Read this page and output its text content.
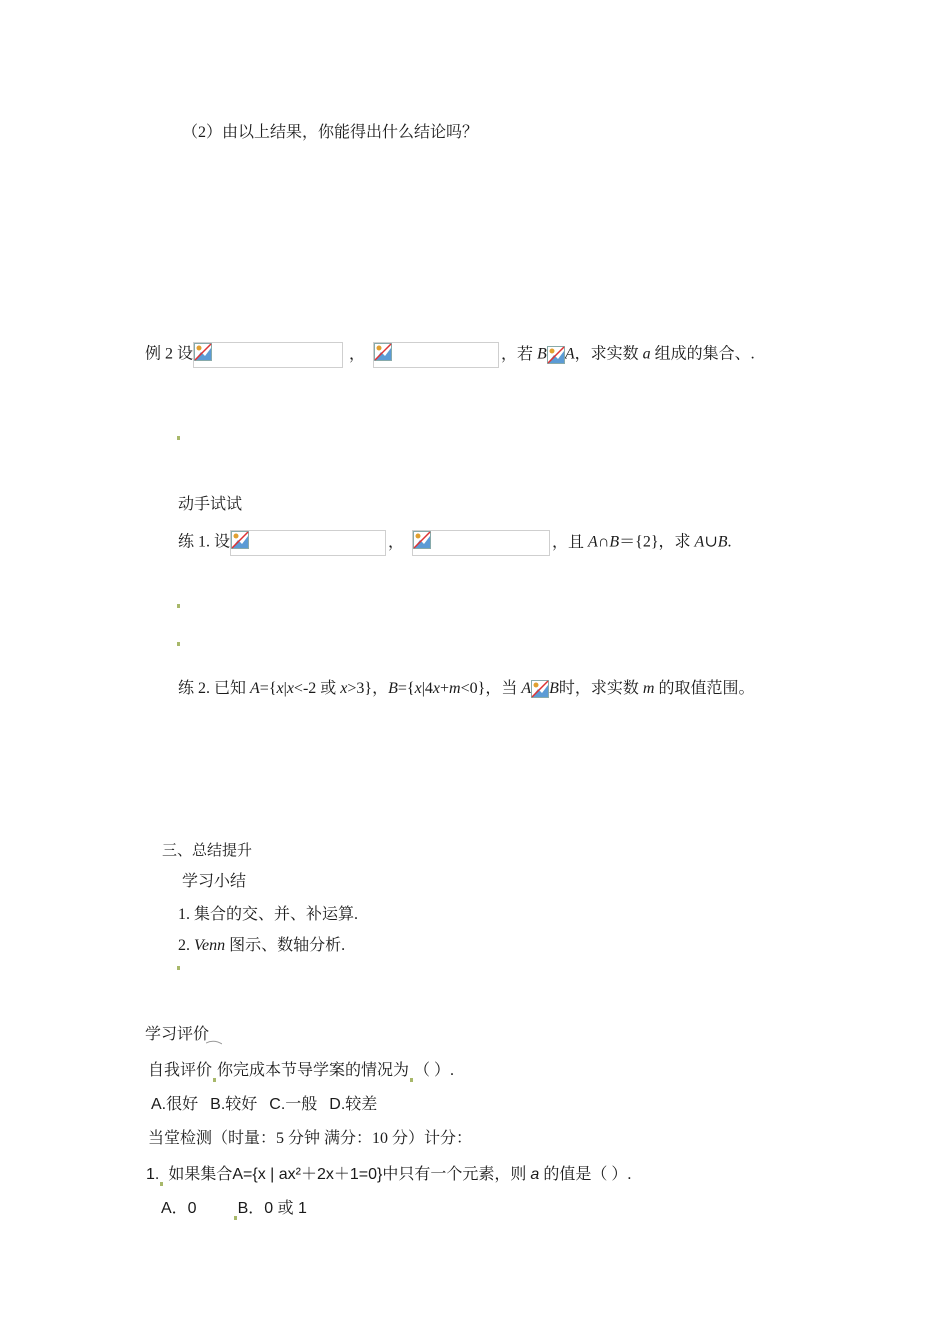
（2）由以上结果，你能得出什么结论吗？
例 2 设	，	，若 B A，求实数 a 组成的集合、.
动手试试
练 1. 设	，	，且 A∩B＝{2}，求 A∪B.
练 2. 已知 A={x|x<-2 或 x>3}，B={x|4x+m<0}，当 A B时，求实数 m 的取值范围。
三、总结提升
学习小结
1. 集合的交、并、补运算.
2. Venn 图示、数轴分析.
学习评价
自我评价 你完成本节导学案的情况为 （ ）.
A.很好 B.较好 C.一般 D.较差
当堂检测（时量：5 分钟 满分：10 分）计分：
1. 如果集合A={x | ax²＋2x＋1=0}中只有一个元素，则 a 的值是（ ）.
A．0	B．0 或 1
